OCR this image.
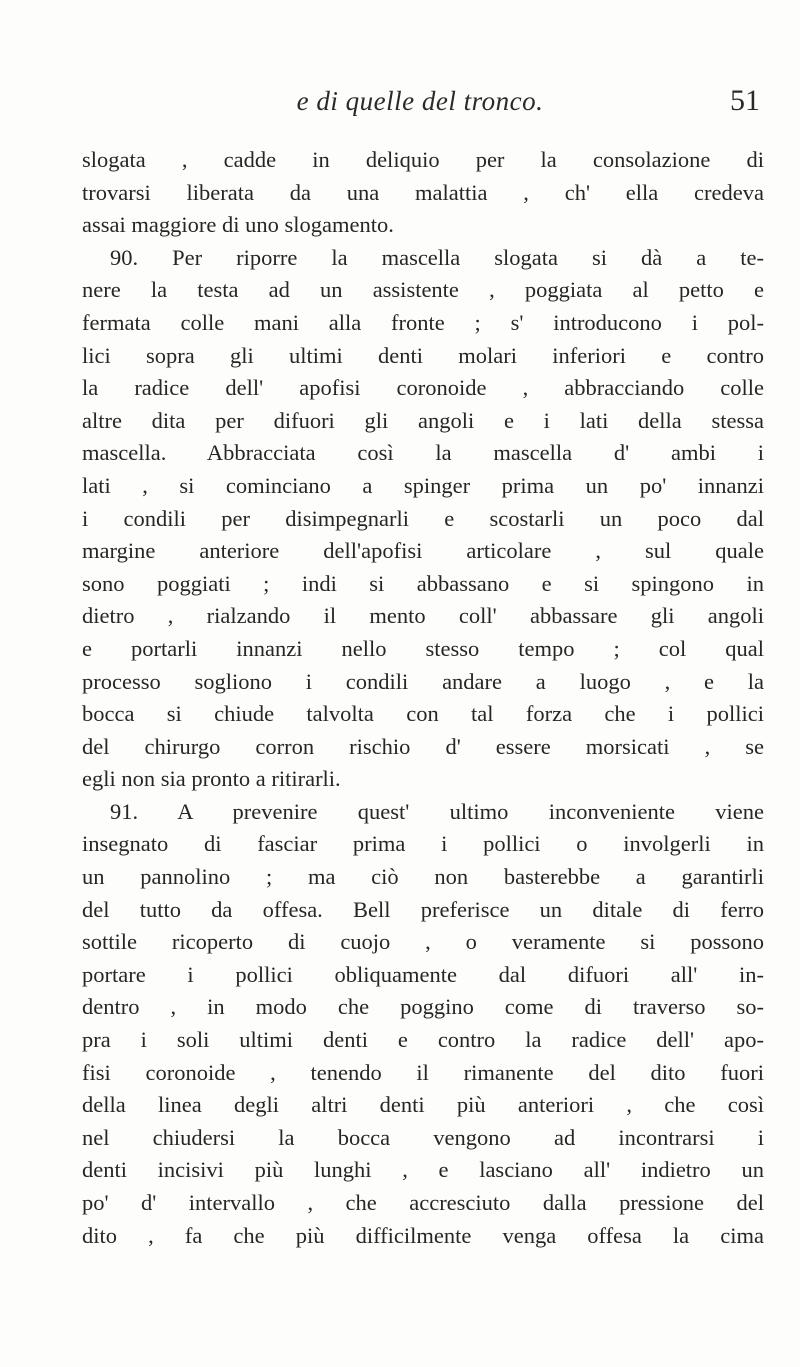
e di quelle del tronco.	51
slogata , cadde in deliquio per la consolazione di
trovarsi liberata da una malattia , ch' ella credeva
assai maggiore di uno slogamento.
90. Per riporre la mascella slogata si dà a te-
nere la testa ad un assistente , poggiata al petto e
fermata colle mani alla fronte ; s' introducono i pol-
lici sopra gli ultimi denti molari inferiori e contro
la radice dell' apofisi coronoide , abbracciando colle
altre dita per difuori gli angoli e i lati della stessa
mascella. Abbracciata così la mascella d' ambi i
lati , si cominciano a spinger prima un po' innanzi
i condili per disimpegnarli e scostarli un poco dal
margine anteriore dell'apofisi articolare , sul quale
sono poggiati ; indi si abbassano e si spingono in
dietro , rialzando il mento coll' abbassare gli angoli
e portarli innanzi nello stesso tempo ; col qual
processo sogliono i condili andare a luogo , e la
bocca si chiude talvolta con tal forza che i pollici
del chirurgo corron rischio d' essere morsicati , se
egli non sia pronto a ritirarli.
91. A prevenire quest' ultimo inconveniente viene
insegnato di fasciar prima i pollici o involgerli in
un pannolino ; ma ciò non basterebbe a garantirli
del tutto da offesa. Bell preferisce un ditale di ferro
sottile ricoperto di cuojo , o veramente si possono
portare i pollici obliquamente dal difuori all' in-
dentro , in modo che poggino come di traverso so-
pra i soli ultimi denti e contro la radice dell' apo-
fisi coronoide , tenendo il rimanente del dito fuori
della linea degli altri denti più anteriori , che così
nel chiudersi la bocca vengono ad incontrarsi i
denti incisivi più lunghi , e lasciano all' indietro un
po' d' intervallo , che accresciuto dalla pressione del
dito , fa che più difficilmente venga offesa la cima
